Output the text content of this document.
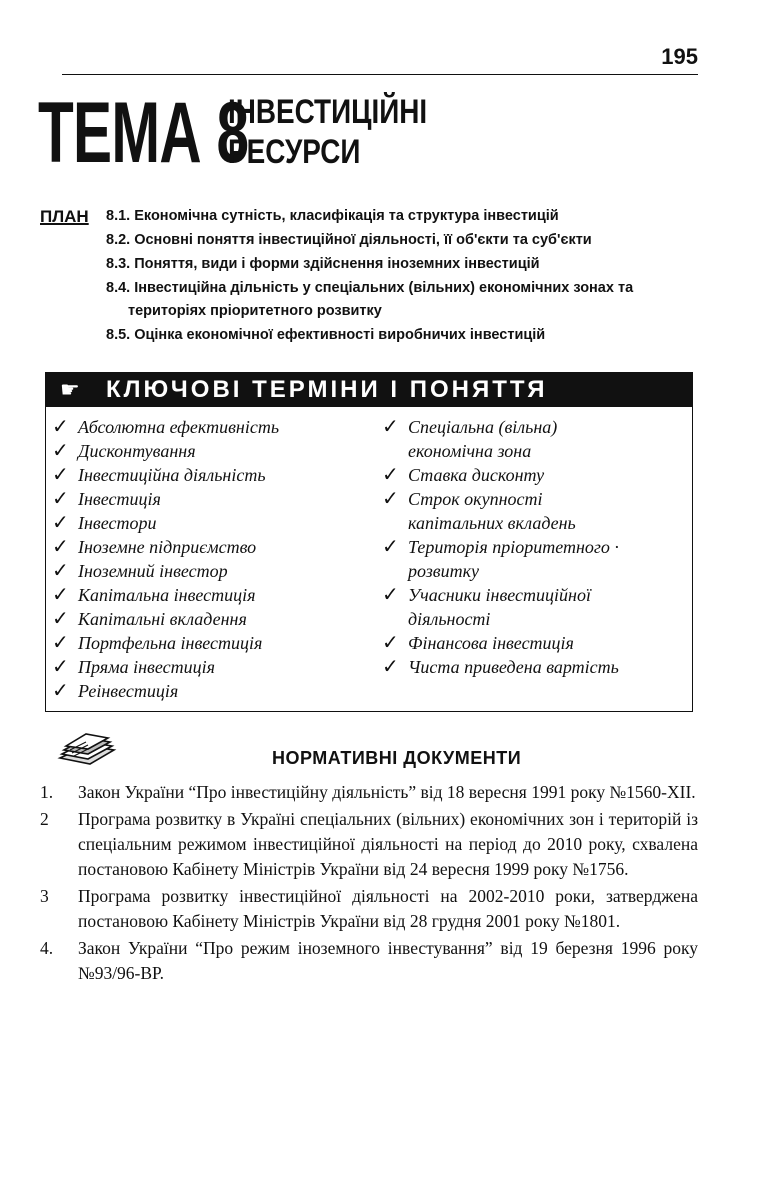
195
ТЕМА 8
ІНВЕСТИЦІЙНІ
РЕСУРСИ
ПЛАН 8.1. Економічна сутність, класифікація та структура інвестицій
8.2. Основні поняття інвестиційної діяльності, її об'єкти та суб'єкти
8.3. Поняття, види і форми здійснення іноземних інвестицій
8.4. Інвестиційна дільність у спеціальних (вільних) економічних зонах та територіях пріоритетного розвитку
8.5. Оцінка економічної ефективності виробничих інвестицій
☛	КЛЮЧОВІ ТЕРМІНИ І ПОНЯТТЯ
✓ Абсолютна ефективність
✓ Дисконтування
✓ Інвестиційна діяльність
✓ Інвестиція
✓ Інвестори
✓ Іноземне підприємство
✓ Іноземний інвестор
✓ Капітальна інвестиція
✓ Капітальні вкладення
✓ Портфельна інвестиція
✓ Пряма інвестиція
✓ Реінвестиція
✓ Спеціальна (вільна)
економічна зона
✓ Ставка дисконту
✓ Строк окупності
капітальних вкладень
✓ Територія пріоритетного ·
розвитку
✓ Учасники інвестиційної
діяльності
✓ Фінансова інвестиція
✓ Чиста приведена вартість
НОРМАТИВНІ ДОКУМЕНТИ
1. Закон України “Про інвестиційну діяльність” від 18 вересня 1991 року №1560-XII.
2 Програма розвитку в Україні спеціальних (вільних) економічних зон і територій із спеціальним режимом інвестиційної діяльності на період до 2010 року, схвалена постановою Кабінету Міністрів України від 24 вересня 1999 року №1756.
3 Програма розвитку інвестиційної діяльності на 2002-2010 роки, затверджена постановою Кабінету Міністрів України від 28 грудня 2001 року №1801.
4. Закон України “Про режим іноземного інвестування” від 19 березня 1996 року №93/96-ВР.
